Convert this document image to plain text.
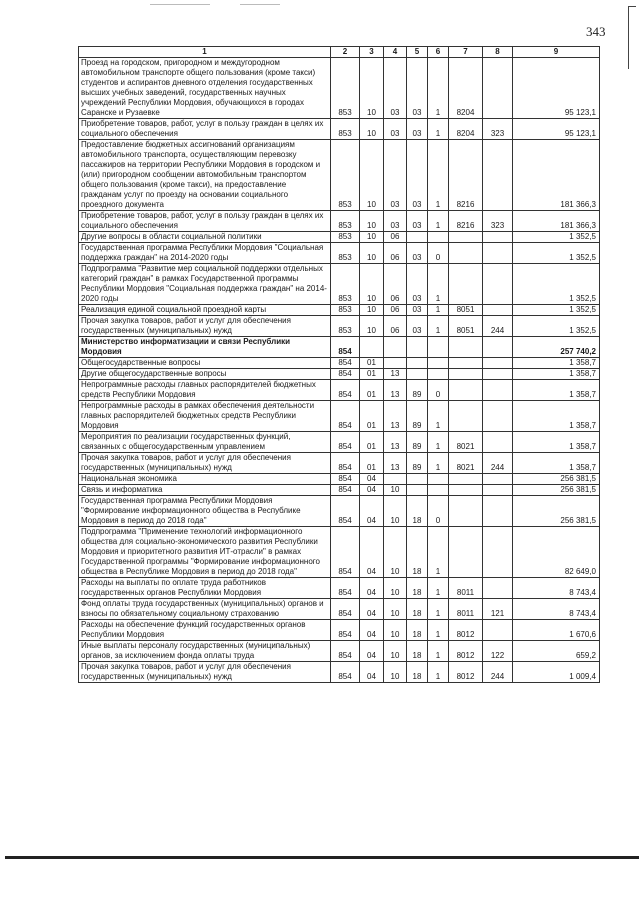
343
1	2	3	4	5	6	7	8	9
Проезд на городском, пригородном и междугородном автомобильном транспорте общего пользования (кроме такси) студентов и аспирантов дневного отделения государственных высших учебных заведений, государственных научных учреждений Республики Мордовия, обучающихся в городах Саранске и Рузаевке	853	10	03	03	1	8204		95 123,1
Приобретение товаров, работ, услуг в пользу граждан в целях их социального обеспечения	853	10	03	03	1	8204	323	95 123,1
Предоставление бюджетных ассигнований организациям автомобильного транспорта, осуществляющим перевозку пассажиров на территории Республики Мордовия в городском и (или) пригородном сообщении автомобильным транспортом общего пользования (кроме такси), на предоставление гражданам услуг по проезду на основании социального проездного документа	853	10	03	03	1	8216		181 366,3
Приобретение товаров, работ, услуг в пользу граждан в целях их социального обеспечения	853	10	03	03	1	8216	323	181 366,3
Другие вопросы в области социальной политики	853	10	06					1 352,5
Государственная программа Республики Мордовия "Социальная поддержка граждан" на 2014-2020 годы	853	10	06	03	0			1 352,5
Подпрограмма "Развитие мер социальной поддержки отдельных категорий граждан" в рамках Государственной программы Республики Мордовия "Социальная поддержка граждан" на 2014-2020 годы	853	10	06	03	1			1 352,5
Реализация единой социальной проездной карты	853	10	06	03	1	8051		1 352,5
Прочая закупка товаров, работ и услуг для обеспечения государственных (муниципальных) нужд	853	10	06	03	1	8051	244	1 352,5
Министерство информатизации и связи Республики Мордовия	854							257 740,2
Общегосударственные вопросы	854	01						1 358,7
Другие общегосударственные вопросы	854	01	13					1 358,7
Непрограммные расходы главных распорядителей бюджетных средств Республики Мордовия	854	01	13	89	0			1 358,7
Непрограммные расходы в рамках обеспечения деятельности главных распорядителей бюджетных средств Республики Мордовия	854	01	13	89	1			1 358,7
Мероприятия по реализации государственных функций, связанных с общегосударственным управлением	854	01	13	89	1	8021		1 358,7
Прочая закупка товаров, работ и услуг для обеспечения государственных (муниципальных) нужд	854	01	13	89	1	8021	244	1 358,7
Национальная экономика	854	04						256 381,5
Связь и информатика	854	04	10					256 381,5
Государственная программа Республики Мордовия "Формирование информационного общества в Республике Мордовия в период до 2018 года"	854	04	10	18	0			256 381,5
Подпрограмма "Применение технологий информационного общества для социально-экономического развития Республики Мордовия и приоритетного развития ИТ-отрасли" в рамках Государственной программы "Формирование информационного общества в Республике Мордовия в период до 2018 года"	854	04	10	18	1			82 649,0
Расходы на выплаты по оплате труда работников государственных органов Республики Мордовия	854	04	10	18	1	8011		8 743,4
Фонд оплаты труда государственных (муниципальных) органов и взносы по обязательному социальному страхованию	854	04	10	18	1	8011	121	8 743,4
Расходы на обеспечение функций государственных органов Республики Мордовия	854	04	10	18	1	8012		1 670,6
Иные выплаты персоналу государственных (муниципальных) органов, за исключением фонда оплаты труда	854	04	10	18	1	8012	122	659,2
Прочая закупка товаров, работ и услуг для обеспечения государственных (муниципальных) нужд	854	04	10	18	1	8012	244	1 009,4
